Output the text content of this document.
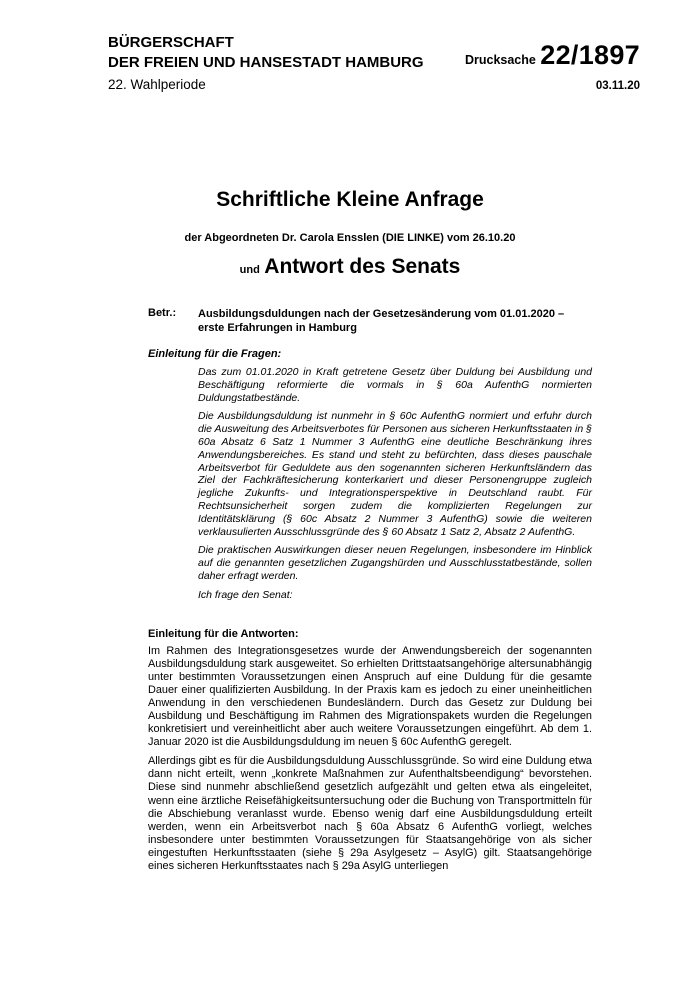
BÜRGERSCHAFT
DER FREIEN UND HANSESTADT HAMBURG
22. Wahlperiode
Drucksache 22/1897
03.11.20
Schriftliche Kleine Anfrage
der Abgeordneten Dr. Carola Ensslen (DIE LINKE) vom 26.10.20
und Antwort des Senats
Betr.: Ausbildungsduldungen nach der Gesetzesänderung vom 01.01.2020 – erste Erfahrungen in Hamburg
Einleitung für die Fragen:

Das zum 01.01.2020 in Kraft getretene Gesetz über Duldung bei Ausbildung und Beschäftigung reformierte die vormals in § 60a AufenthG normierten Duldungstatbestände.

Die Ausbildungsduldung ist nunmehr in § 60c AufenthG normiert und erfuhr durch die Ausweitung des Arbeitsverbotes für Personen aus sicheren Herkunftsstaaten in § 60a Absatz 6 Satz 1 Nummer 3 AufenthG eine deutliche Beschränkung ihres Anwendungsbereiches. Es stand und steht zu befürchten, dass dieses pauschale Arbeitsverbot für Geduldete aus den sogenannten sicheren Herkunftsländern das Ziel der Fachkräftesicherung konterkariert und dieser Personengruppe zugleich jegliche Zukunfts- und Integrationsperspektive in Deutschland raubt. Für Rechtsunsicherheit sorgen zudem die komplizierten Regelungen zur Identitätsklärung (§ 60c Absatz 2 Nummer 3 AufenthG) sowie die weiteren verklausulierten Ausschlussgründe des § 60 Absatz 1 Satz 2, Absatz 2 AufenthG.

Die praktischen Auswirkungen dieser neuen Regelungen, insbesondere im Hinblick auf die genannten gesetzlichen Zugangshürden und Ausschlusstatbestände, sollen daher erfragt werden.

Ich frage den Senat:

Einleitung für die Antworten:

Im Rahmen des Integrationsgesetzes wurde der Anwendungsbereich der sogenannten Ausbildungsduldung stark ausgeweitet. So erhielten Drittstaatsangehörige altersunabhängig unter bestimmten Voraussetzungen einen Anspruch auf eine Duldung für die gesamte Dauer einer qualifizierten Ausbildung. In der Praxis kam es jedoch zu einer uneinheitlichen Anwendung in den verschiedenen Bundesländern. Durch das Gesetz zur Duldung bei Ausbildung und Beschäftigung im Rahmen des Migrationspakets wurden die Regelungen konkretisiert und vereinheitlicht aber auch weitere Voraussetzungen eingeführt. Ab dem 1. Januar 2020 ist die Ausbildungsduldung im neuen § 60c AufenthG geregelt.

Allerdings gibt es für die Ausbildungsduldung Ausschlussgründe. So wird eine Duldung etwa dann nicht erteilt, wenn „konkrete Maßnahmen zur Aufenthaltsbeendigung“ bevorstehen. Diese sind nunmehr abschließend gesetzlich aufgezählt und gelten etwa als eingeleitet, wenn eine ärztliche Reisefähigkeitsuntersuchung oder die Buchung von Transportmitteln für die Abschiebung veranlasst wurde. Ebenso wenig darf eine Ausbildungsduldung erteilt werden, wenn ein Arbeitsverbot nach § 60a Absatz 6 AufenthG vorliegt, welches insbesondere unter bestimmten Voraussetzungen für Staatsangehörige von als sicher eingestuften Herkunftsstaaten (siehe § 29a Asylgesetz – AsylG) gilt. Staatsangehörige eines sicheren Herkunftsstaates nach § 29a AsylG unterliegen
